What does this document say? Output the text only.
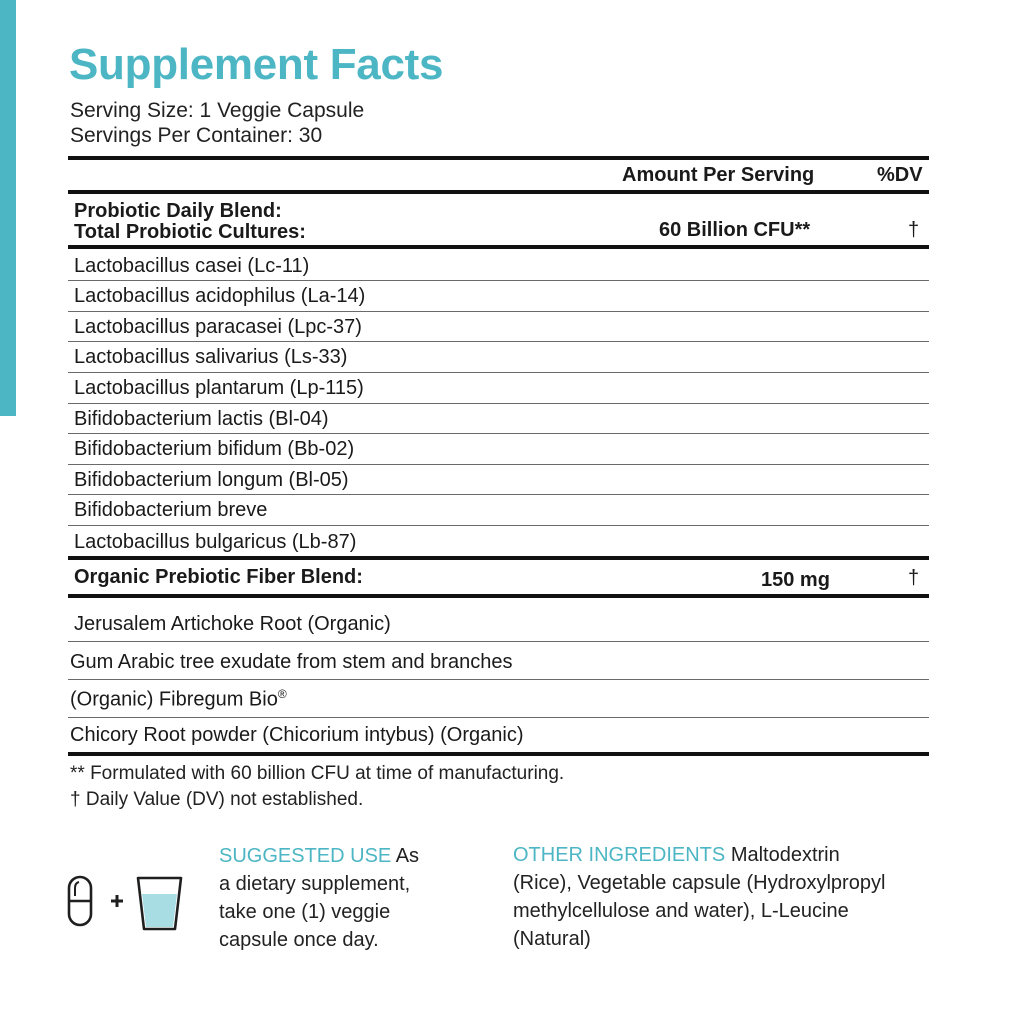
Supplement Facts
Serving Size: 1 Veggie Capsule
Servings Per Container: 30
Amount Per Serving	%DV
Probiotic Daily Blend:
Total Probiotic Cultures:	60 Billion CFU**	†
Lactobacillus casei (Lc-11)
Lactobacillus acidophilus (La-14)
Lactobacillus paracasei (Lpc-37)
Lactobacillus salivarius (Ls-33)
Lactobacillus plantarum (Lp-115)
Bifidobacterium lactis (Bl-04)
Bifidobacterium bifidum (Bb-02)
Bifidobacterium longum (Bl-05)
Bifidobacterium breve
Lactobacillus bulgaricus (Lb-87)
Organic Prebiotic Fiber Blend:	150 mg	†
Jerusalem Artichoke Root (Organic)
Gum Arabic tree exudate from stem and branches
(Organic) Fibregum Bio®
Chicory Root powder (Chicorium intybus) (Organic)
** Formulated with 60 billion CFU at time of manufacturing.
† Daily Value (DV) not established.
SUGGESTED USE As
a dietary supplement,
take one (1) veggie
capsule once day.
OTHER INGREDIENTS Maltodextrin
(Rice), Vegetable capsule (Hydroxylpropyl
methylcellulose and water), L-Leucine
(Natural)
